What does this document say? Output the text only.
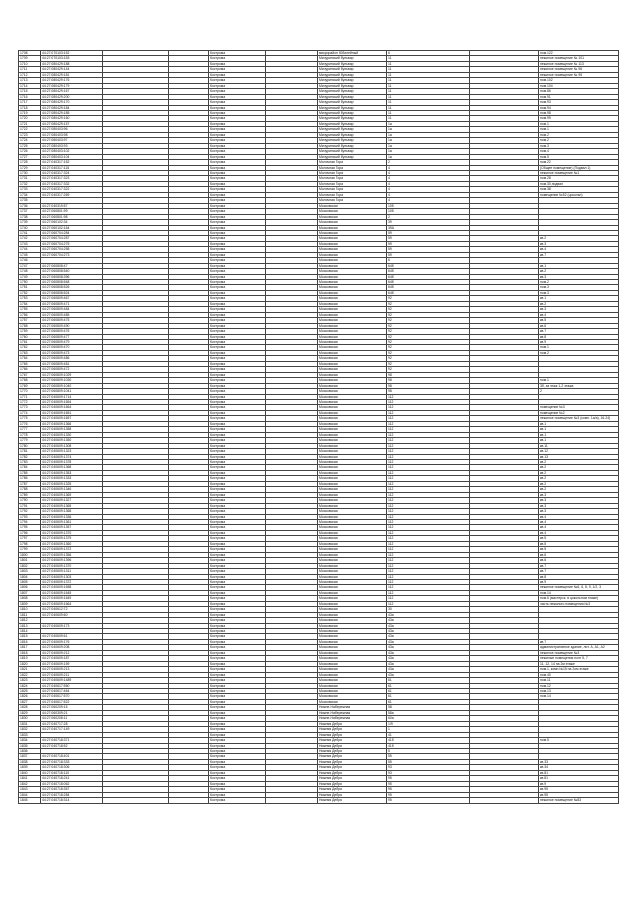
1708	44:27:070103:152			Кострома		микрорайон Юбилейный	6		пом.122
1709	44:27:070103:153			Кострома		Мичуринский бульвар	11		нежилое помещение № 101
1710	44:27:080429:188			Кострома		Мичуринский бульвар	11		нежилое помещение № 113
1711	44:27:080429:144			Кострома		Мичуринский бульвар	11		нежилое помещение № 96
1712	44:27:080429:181			Кострома		Мичуринский бульвар	11		нежилое помещение № 95
1713	44:27:080429:176			Кострома		Мичуринский бульвар	11		пом.102
1714	44:27:080429:179			Кострома		Мичуринский бульвар	11		пом.104
1715	44:27:080429:167			Кострома		Мичуринский бульвар	11		пом.86
1716	44:27:080429:200			Кострома		Мичуринский бульвар	11		пом.91
1717	44:27:080429:170			Кострома		Мичуринский бульвар	11		пом.93
1718	44:27:080429:184			Кострома		Мичуринский бульвар	11		пом.94
1719	44:27:080429:185			Кострома		Мичуринский бульвар	11		пом.98
1720	44:27:080429:160			Кострома		Мичуринский бульвар	11		пом.99
1721	44:27:080429:157			Кострома		Мичуринский бульвар	1а		пом.1
1722	44:27:080403:96			Кострома		Мичуринский бульвар	1а		пом.1
1723	44:27:080403:98			Кострома		Мичуринский бульвар	1а		пом.2
1724	44:27:080403:97			Кострома		Мичуринский бульвар	1а		пом.2
1725	44:27:080403:93			Кострома		Мичуринский бульвар	1а		пом.3
1726	44:27:080403:102			Кострома		Мичуринский бульвар	1а		пом.4
1727	44:27:080403:104			Кострома		Мичуринский бульвар	1а		пом.5
1728	44:27:040317:152			Кострома		Молочная Гора	2		пом.22
1729	44:27:040317:115			Кострома		Молочная Гора	4		(Общее помещение) (Подвал 1)
1730	44:27:040317:324			Кострома		Молочная Гора	4		нежилое помещение №1
1731	44:27:040317:323			Кострома		Молочная Гора	4		пом.28
1732	44:27:040317:332			Кострома		Молочная Гора	4		пом.30,подвал
1733	44:27:040317:322			Кострома		Молочная Гора	4		пом.38
1734	44:27:040317:269			Кострома		Молочная Гора	4		помещение №52 (цокольн)
1735				Кострома		Молочная Гора	4		
1736	44:27:040319:57			Кострома		Московская	105		
1737	44:27:060801:99			Кострома		Московская	105		
1738	44:27:060801:98			Кострома		Московская	2		
1739	44:27:060102:34			Кострома		Московская	39		
1740	44:27:060102:164			Кострома		Московская	39А		
1741	44:27:060704:284			Кострома		Московская	59		
1742	44:27:060704:287			Кострома		Московская	59		кв.2
1743	44:27:060704:275			Кострома		Московская	59		кв.3
1744	44:27:060704:258			Кострома		Московская	59		кв.4
1745	44:27:060704:273			Кострома		Московская	59		кв.7
1746				Кострома		Московская	6		
1747	44:27:060808:47			Кострома		Московская	64б		кв.1
1748	44:27:060808:540			Кострома		Московская	64б		кв.2
1749	44:27:060808:396			Кострома		Московская	64б		кв.3
1750	44:27:060808:548			Кострома		Московская	64б		пом.2
1751	44:27:060808:526			Кострома		Московская	64б		пом.3
1752	44:27:060808:524			Кострома		Московская	64б		пом.3
1753	44:27:060809:467			Кострома		Московская	92		кв.1
1754	44:27:060809:471			Кострома		Московская	92		кв.2
1755	44:27:060809:484			Кострома		Московская	92		кв.3
1756	44:27:060809:485			Кострома		Московская	92		кв.4
1757	44:27:060809:475			Кострома		Московская	92		кв.5
1758	44:27:060809:490			Кострома		Московская	92		кв.6
1759	44:27:060809:476			Кострома		Московская	92		кв.7
1760	44:27:060809:477			Кострома		Московская	92		кв.8
1761	44:27:060809:479			Кострома		Московская	92		кв.9
1762	44:27:060809:470			Кострома		Московская	92		пом.1
1763	44:27:060809:473			Кострома		Московская	92		пом.2
1764	44:27:060809:486			Кострома		Московская	92		
1765	44:27:060809:481			Кострома		Московская	92		
1766	44:27:060809:472			Кострома		Московская	92		
1767	44:27:060809:1029			Кострома		Московская	98		
1768	44:27:060809:1030			Кострома		Московская	98		пом.1
1769	44:27:060809:1040			Кострома		Московская	98		3б, за этаж 1-2 этажа
1770	44:27:060809:1041			Кострома		Московская	98		2
1771	44:27:040609:1714			Кострома		Московская	112		
1772	44:27:040609:1654			Кострома		Московская	112		
1773	44:27:040609:1664			Кострома		Московская	112		помещение №3
1774	44:27:040609:1651			Кострома		Московская	112		помещение №2
1775	44:27:040609:1657			Кострома		Московская	112		нежилое помещение №3 (комн. 1а/а), 16-24)
1776	44:27:040609:1366			Кострома		Московская	112		кв.1
1777	44:27:040609:1358			Кострома		Московская	112		кв.1
1778	44:27:040609:1330			Кострома		Московская	112		кв.1
1779	44:27:040609:1350			Кострома		Московская	112		кв.1
1780	44:27:040609:1308			Кострома		Московская	112		кв.11
1781	44:27:040609:1323			Кострома		Московская	112		кв.12
1782	44:27:040609:1374			Кострома		Московская	112		кв.13
1783	44:27:040609:1378			Кострома		Московская	112		кв.2
1784	44:27:040609:1368			Кострома		Московская	112		кв.2
1785	44:27:040609:1353			Кострома		Московская	112		кв.2
1786	44:27:040609:1333			Кострома		Московская	112		кв.2
1787	44:27:040609:1325			Кострома		Московская	112		кв.2
1788	44:27:040609:1346			Кострома		Московская	112		кв.2
1789	44:27:040609:1369			Кострома		Московская	112		кв.3
1790	44:27:040609:1327			Кострома		Московская	112		кв.3
1791	44:27:040609:1365			Кострома		Московская	112		кв.3
1792	44:27:040609:1368			Кострома		Московская	112		кв.3
1793	44:27:040609:1336			Кострома		Московская	112		кв.4
1794	44:27:040609:1361			Кострома		Московская	112		кв.4
1795	44:27:040609:1357			Кострома		Московская	112		кв.4
1796	44:27:040609:1370			Кострома		Московская	112		кв.4
1797	44:27:040609:1379			Кострома		Московская	112		кв.5
1798	44:27:040609:1360			Кострома		Московская	112		кв.5
1799	44:27:040609:1372			Кострома		Московская	112		кв.5
1800	44:27:040609:1356			Кострома		Московская	112		кв.6
1801	44:27:040609:1396			Кострома		Московская	112		кв.6
1802	44:27:040609:1370			Кострома		Московская	112		кв.7
1803	44:27:040609:1311			Кострома		Московская	112		кв.7
1804	44:27:040609:1303			Кострома		Московская	112		кв.8
1805	44:27:040609:1372			Кострома		Московская	112		кв.9
1806	44:27:040609:1658			Кострома		Московская	112		нежилое помещение №6, 6, 8, 9, 1/2, 3
1807	44:27:040609:1645			Кострома		Московская	112		пом.14
1808	44:27:040609:1649			Кострома		Московская	112		пом.6 (мастерск. в цокольном этаже)
1809	44:27:040609:1664			Кострома		Московская	112		часть нежилого помещения №3
1810	44:27:040612:72			Кострома		Московская	30		
1811	44:27:040609:60			Кострома		Московская	43а		
1812				Кострома		Московская	43а		
1813	44:27:040609:173			Кострома		Московская	43а		
1814				Кострома		Московская	43а		
1815	44:27:040609:61			Кострома		Московская	43а		
1816	44:27:040609:176			Кострома		Московская	43а		кв.7
1817	44:27:040609:208			Кострома		Московская	43а		административное здание, лит. А, А1, А2
1818	44:27:040609:212			Кострома		Московская	43а		нежилое помещение №3
1819	44:27:040609:187			Кострома		Московская	43а		нежилые помещения поэт 5, 7
1820	44:27:040609:159			Кострома		Московская	43а		11, 12, 14 на 2м этаже
1821	44:27:040609:213			Кострома		Московская	43а		пом.1, комн.№15 на 2ом этаже
1822	44:27:040609:211			Кострома		Московская	43а		пом.40
1823	44:27:040609:1489			Кострома		Московская	61		пом.11
1824	44:27:040617:550			Кострома		Московская	61		пом.12
1825	44:27:040617:464			Кострома		Московская	61		пом.13
1826	44:27:040617:570			Кострома		Московская	61		пом.14
1827	44:27:040617:522			Кострома		Московская	61		
1828	44:27:060209:15			Кострома		Нижне-Набережная	58		
1829	44:27:060309:21			Кострома		Нижне-Набережная	58а		
1830	44:27:060208:11			Кострома		Нижне-Набережная	60а		
1831	44:27:040717:28			Кострома		Нижняя Дебря	1/9		
1832	44:27:040717:149			Кострома		Нижняя Дебря	1		
1833				Кострома		Нижняя Дебря	41		
1834	44:27:040718:371			Кострома		Нижняя Дебря	41б		пом.5
1835	44:27:040718:52			Кострома		Нижняя Дебря	41б		
1836				Кострома		Нижняя Дебря	5		
1837	44:27:040718:401			Кострома		Нижняя Дебря	55		
1838	44:27:040718:333			Кострома		Нижняя Дебря	55		кв.33
1839	44:27:040718:306			Кострома		Нижняя Дебря	93		кв.34
1840	44:27:040718:110			Кострома		Нижняя Дебря	93		кв.81
1841	44:27:040718:241			Кострома		Нижняя Дебря	95		кв.81
1842	44:27:040718:062			Кострома		Нижняя Дебря	95		кв.9
1843	44:27:040718:357			Кострома		Нижняя Дебря	95		кв.95
1844	44:27:040718:284			Кострома		Нижняя Дебря	95		кв.95
1845	44:27:040718:314			Кострома		Нижняя Дебря	95		нежилое помещение №83
